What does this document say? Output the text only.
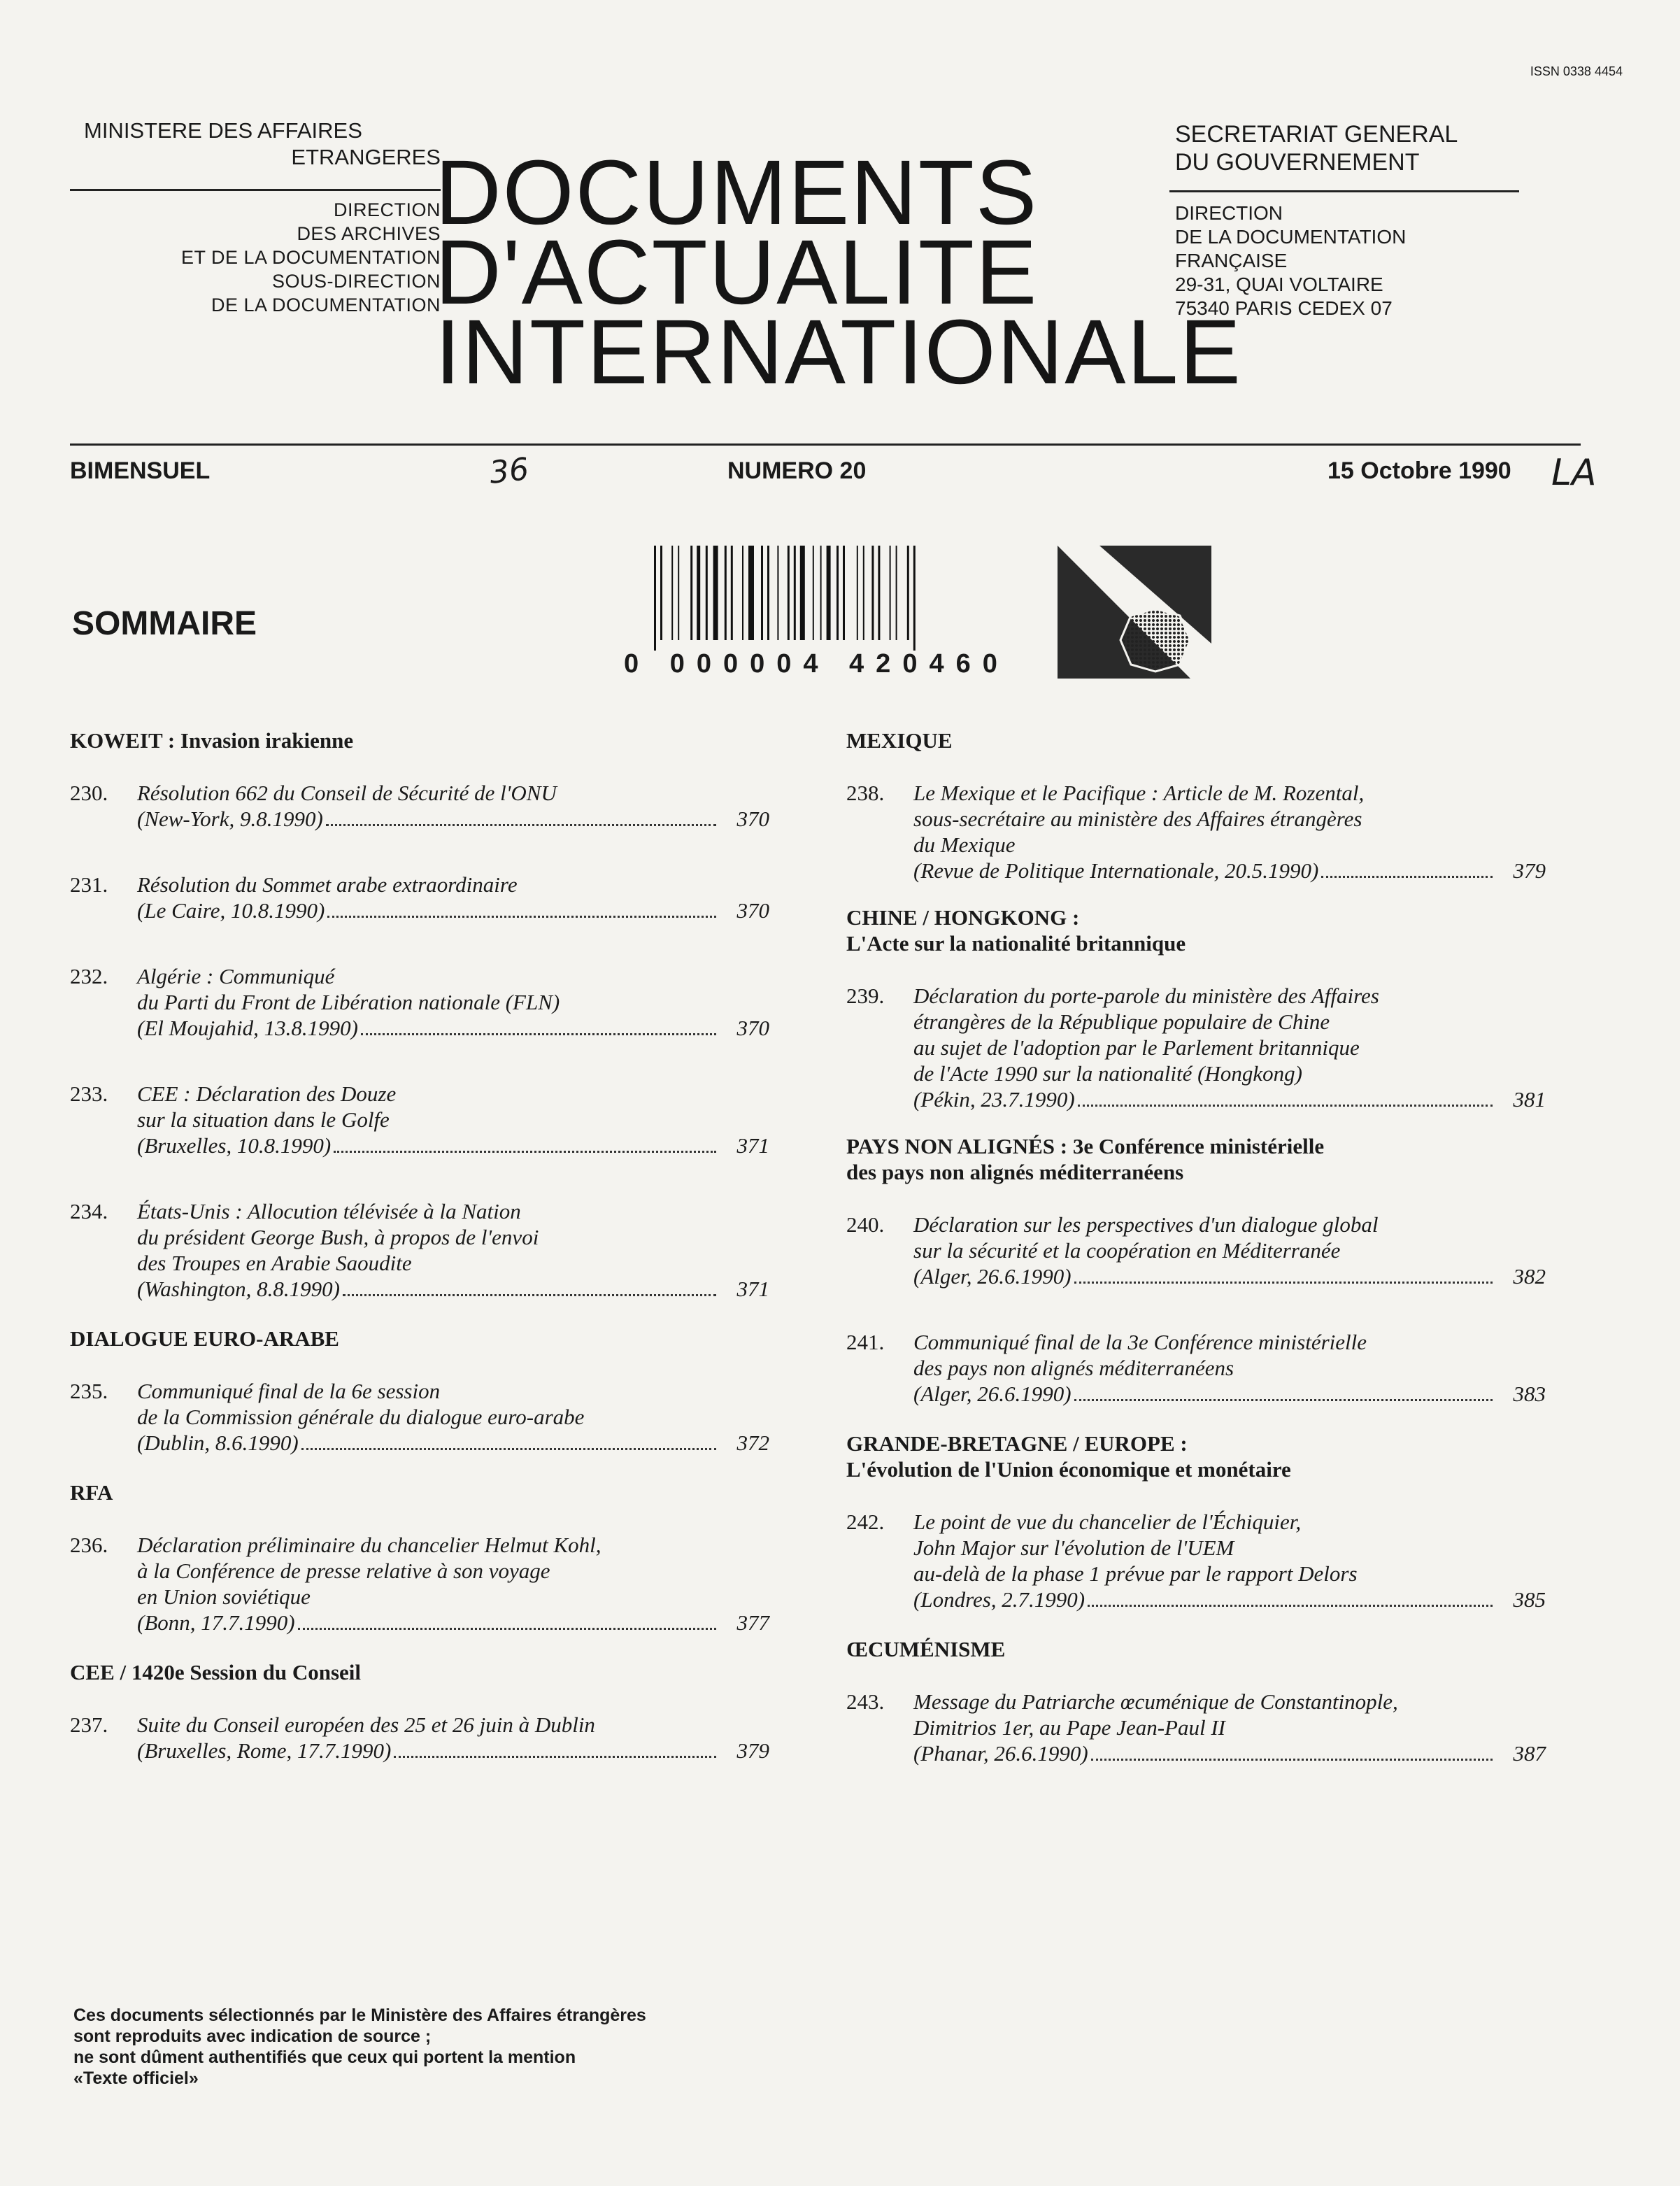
ISSN 0338 4454
MINISTERE DES AFFAIRES
ETRANGERES
DIRECTION
DES ARCHIVES
ET DE LA DOCUMENTATION
SOUS-DIRECTION
DE LA DOCUMENTATION
DOCUMENTS
D'ACTUALITE
INTERNATIONALE
SECRETARIAT GENERAL
DU GOUVERNEMENT
DIRECTION
DE LA DOCUMENTATION
FRANÇAISE
29-31, QUAI VOLTAIRE
75340 PARIS CEDEX 07
BIMENSUEL	36	NUMERO 20	15 Octobre 1990 LA
0 000004 420460
SOMMAIRE
KOWEIT : Invasion irakienne
230.	Résolution 662 du Conseil de Sécurité de l'ONU
(New-York, 9.8.1990)	370
231.	Résolution du Sommet arabe extraordinaire
(Le Caire, 10.8.1990)	370
232.	Algérie : Communiqué
du Parti du Front de Libération nationale (FLN)
(El Moujahid, 13.8.1990)	370
233.	CEE : Déclaration des Douze
sur la situation dans le Golfe
(Bruxelles, 10.8.1990)	371
234.	États-Unis : Allocution télévisée à la Nation
du président George Bush, à propos de l'envoi
des Troupes en Arabie Saoudite
(Washington, 8.8.1990)	371
DIALOGUE EURO-ARABE
235.	Communiqué final de la 6e session
de la Commission générale du dialogue euro-arabe
(Dublin, 8.6.1990)	372
RFA
236.	Déclaration préliminaire du chancelier Helmut Kohl,
à la Conférence de presse relative à son voyage
en Union soviétique
(Bonn, 17.7.1990)	377
CEE / 1420e Session du Conseil
237.	Suite du Conseil européen des 25 et 26 juin à Dublin
(Bruxelles, Rome, 17.7.1990)	379
MEXIQUE
238.	Le Mexique et le Pacifique : Article de M. Rozental,
sous-secrétaire au ministère des Affaires étrangères
du Mexique
(Revue de Politique Internationale, 20.5.1990)	379
CHINE / HONGKONG :
L'Acte sur la nationalité britannique
239.	Déclaration du porte-parole du ministère des Affaires
étrangères de la République populaire de Chine
au sujet de l'adoption par le Parlement britannique
de l'Acte 1990 sur la nationalité (Hongkong)
(Pékin, 23.7.1990)	381
PAYS NON ALIGNÉS : 3e Conférence ministérielle
des pays non alignés méditerranéens
240.	Déclaration sur les perspectives d'un dialogue global
sur la sécurité et la coopération en Méditerranée
(Alger, 26.6.1990)	382
241.	Communiqué final de la 3e Conférence ministérielle
des pays non alignés méditerranéens
(Alger, 26.6.1990)	383
GRANDE-BRETAGNE / EUROPE :
L'évolution de l'Union économique et monétaire
242.	Le point de vue du chancelier de l'Échiquier,
John Major sur l'évolution de l'UEM
au-delà de la phase 1 prévue par le rapport Delors
(Londres, 2.7.1990)	385
ŒCUMÉNISME
243.	Message du Patriarche œcuménique de Constantinople,
Dimitrios 1er, au Pape Jean-Paul II
(Phanar, 26.6.1990)	387
Ces documents sélectionnés par le Ministère des Affaires étrangères
sont reproduits avec indication de source ;
ne sont dûment authentifiés que ceux qui portent la mention
«Texte officiel»
